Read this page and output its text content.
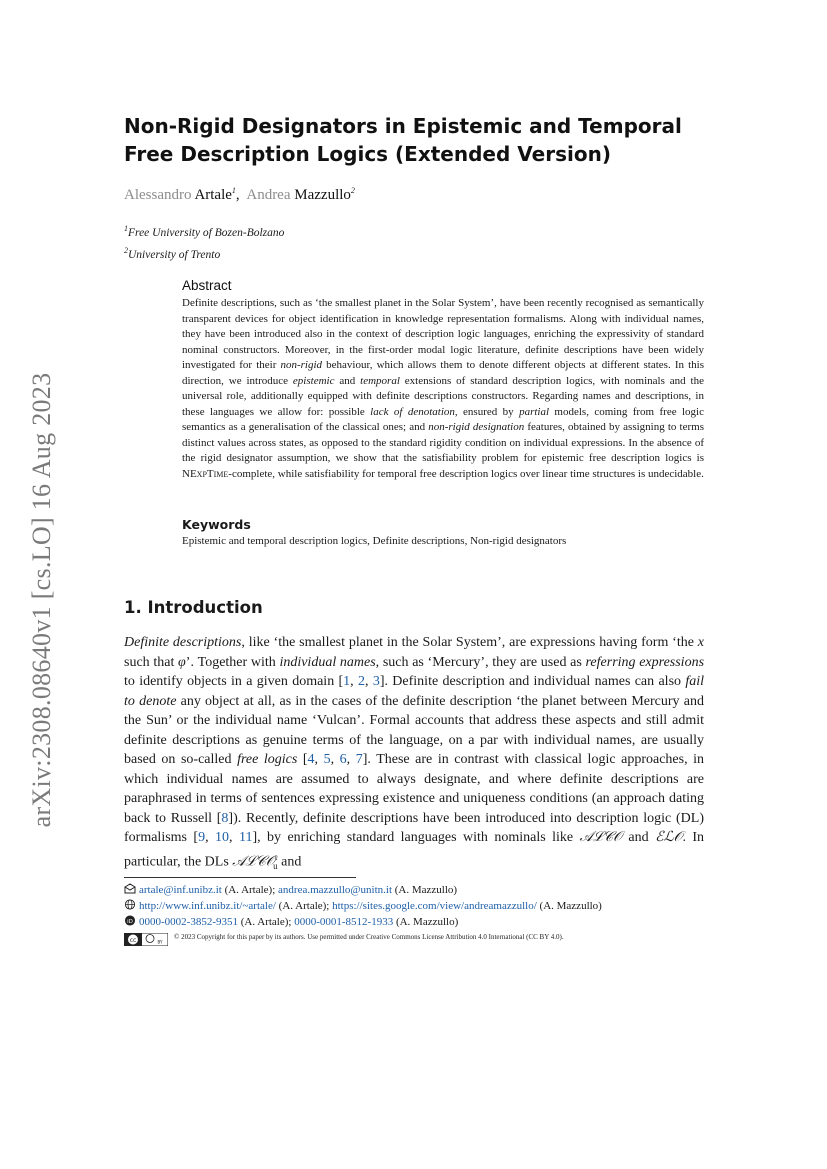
arXiv:2308.08640v1 [cs.LO] 16 Aug 2023
Non-Rigid Designators in Epistemic and Temporal
Free Description Logics (Extended Version)
Alessandro Artale$^1$, Andrea Mazzullo$^2$
$^1$Free University of Bozen-Bolzano
$^2$University of Trento
Abstract
Definite descriptions, such as ‘the smallest planet in the Solar System’, have been recently recognised as semantically transparent devices for object identification in knowledge representation formalisms. Along with individual names, they have been introduced also in the context of description logic languages, enriching the expressivity of standard nominal constructors. Moreover, in the first-order modal logic literature, definite descriptions have been widely investigated for their non-rigid behaviour, which allows them to denote different objects at different states. In this direction, we introduce epistemic and temporal extensions of standard description logics, with nominals and the universal role, additionally equipped with definite descriptions constructors. Regarding names and descriptions, in these languages we allow for: possible lack of denotation, ensured by partial models, coming from free logic semantics as a generalisation of the classical ones; and non-rigid designation features, obtained by assigning to terms distinct values across states, as opposed to the standard rigidity condition on individual expressions. In the absence of the rigid designator assumption, we show that the satisfiability problem for epistemic free description logics is NExpTime-complete, while satisfiability for temporal free description logics over linear time structures is undecidable.
Keywords
Epistemic and temporal description logics, Definite descriptions, Non-rigid designators
1. Introduction
Definite descriptions, like ‘the smallest planet in the Solar System’, are expressions having form ‘the x such that φ’. Together with individual names, such as ‘Mercury’, they are used as referring expressions to identify objects in a given domain [1, 2, 3]. Definite description and individual names can also fail to denote any object at all, as in the cases of the definite description ‘the planet between Mercury and the Sun’ or the individual name ‘Vulcan’. Formal accounts that address these aspects and still admit definite descriptions as genuine terms of the language, on a par with individual names, are usually based on so-called free logics [4, 5, 6, 7]. These are in contrast with classical logic approaches, in which individual names are assumed to always designate, and where definite descriptions are paraphrased in terms of sentences expressing existence and uniqueness conditions (an approach dating back to Russell [8]). Recently, definite descriptions have been introduced into description logic (DL) formalisms [9, 10, 11], by enriching standard languages with nominals like 𝒜ℒ𝒞𝒪 and ℰℒ𝒪. In particular, the DLs 𝒜ℒ𝒞𝒪$^\iota_u$ and
artale@inf.unibz.it (A. Artale); andrea.mazzullo@unitn.it (A. Mazzullo)
http://www.inf.unibz.it/~artale/ (A. Artale); https://sites.google.com/view/andreamazzullo/ (A. Mazzullo)
iD 0000-0002-3852-9351 (A. Artale); 0000-0001-8512-1933 (A. Mazzullo)
cc	BY
© 2023 Copyright for this paper by its authors. Use permitted under Creative Commons License Attribution 4.0 International (CC BY 4.0).
